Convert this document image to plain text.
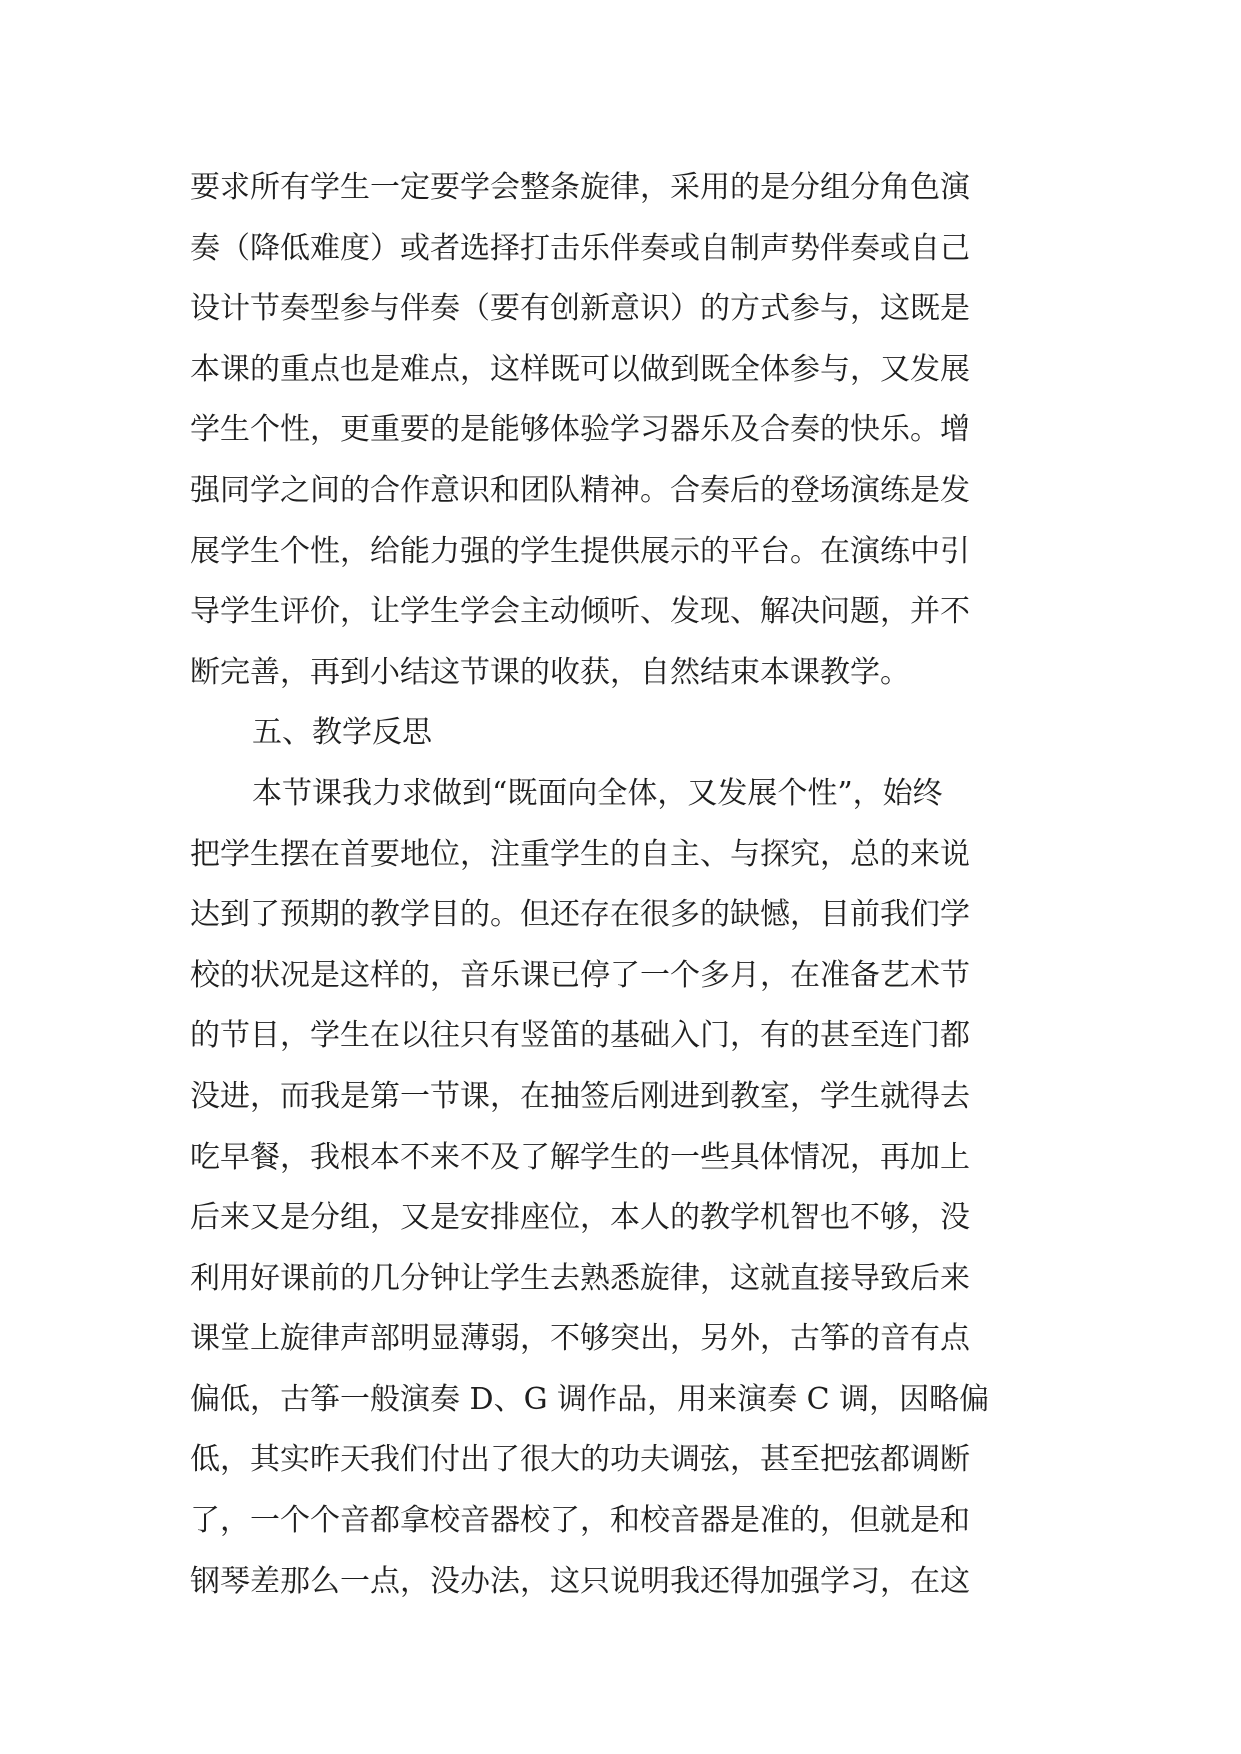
要求所有学生一定要学会整条旋律，采用的是分组分角色演
奏（降低难度）或者选择打击乐伴奏或自制声势伴奏或自己
设计节奏型参与伴奏（要有创新意识）的方式参与，这既是
本课的重点也是难点，这样既可以做到既全体参与，又发展
学生个性，更重要的是能够体验学习器乐及合奏的快乐。增
强同学之间的合作意识和团队精神。合奏后的登场演练是发
展学生个性，给能力强的学生提供展示的平台。在演练中引
导学生评价，让学生学会主动倾听、发现、解决问题，并不
断完善，再到小结这节课的收获，自然结束本课教学。
五、教学反思
本节课我力求做到“既面向全体，又发展个性”，始终
把学生摆在首要地位，注重学生的自主、与探究，总的来说
达到了预期的教学目的。但还存在很多的缺憾，目前我们学
校的状况是这样的，音乐课已停了一个多月，在准备艺术节
的节目，学生在以往只有竖笛的基础入门，有的甚至连门都
没进，而我是第一节课，在抽签后刚进到教室，学生就得去
吃早餐，我根本不来不及了解学生的一些具体情况，再加上
后来又是分组，又是安排座位，本人的教学机智也不够，没
利用好课前的几分钟让学生去熟悉旋律，这就直接导致后来
课堂上旋律声部明显薄弱，不够突出，另外，古筝的音有点
偏低，古筝一般演奏 D、G 调作品，用来演奏 C 调，因略偏
低，其实昨天我们付出了很大的功夫调弦，甚至把弦都调断
了，一个个音都拿校音器校了，和校音器是准的，但就是和
钢琴差那么一点，没办法，这只说明我还得加强学习，在这
